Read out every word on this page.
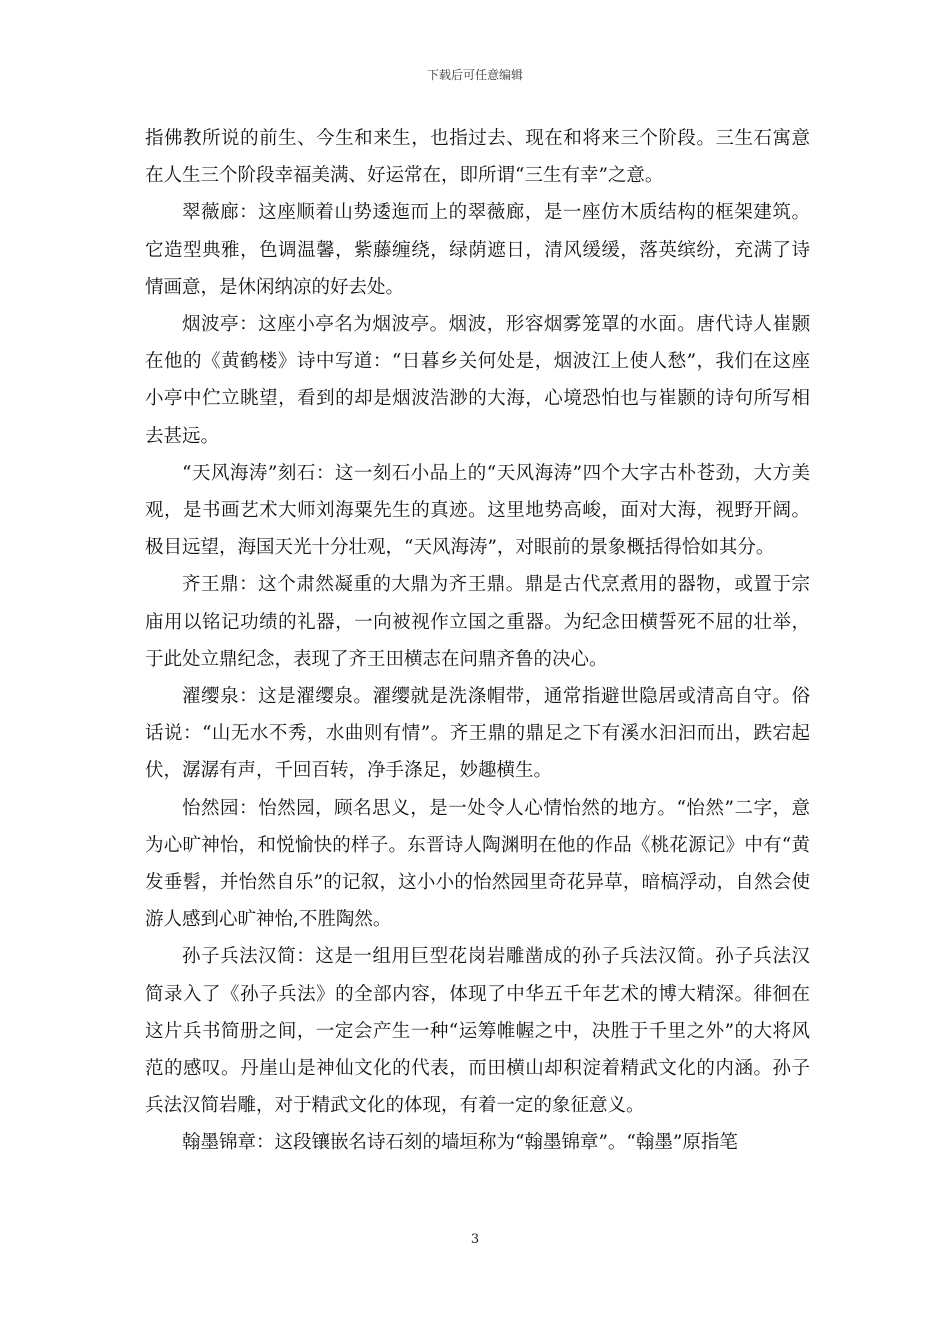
下载后可任意编辑

指佛教所说的前生、今生和来生，也指过去、现在和将来三个阶段。三生石寓意在人生三个阶段幸福美满、好运常在，即所谓“三生有幸”之意。

翠薇廊：这座顺着山势逶迤而上的翠薇廊，是一座仿木质结构的框架建筑。它造型典雅，色调温馨，紫藤缠绕，绿荫遮日，清风缓缓，落英缤纷，充满了诗情画意，是休闲纳凉的好去处。

烟波亭：这座小亭名为烟波亭。烟波，形容烟雾笼罩的水面。唐代诗人崔颢在他的《黄鹤楼》诗中写道：“日暮乡关何处是，烟波江上使人愁”，我们在这座小亭中伫立眺望，看到的却是烟波浩渺的大海，心境恐怕也与崔颢的诗句所写相去甚远。

“天风海涛”刻石：这一刻石小品上的“天风海涛”四个大字古朴苍劲，大方美观，是书画艺术大师刘海粟先生的真迹。这里地势高峻，面对大海，视野开阔。极目远望，海国天光十分壮观，“天风海涛”，对眼前的景象概括得恰如其分。

齐王鼎：这个肃然凝重的大鼎为齐王鼎。鼎是古代烹煮用的器物，或置于宗庙用以铭记功绩的礼器，一向被视作立国之重器。为纪念田横誓死不屈的壮举，于此处立鼎纪念，表现了齐王田横志在问鼎齐鲁的决心。

濯缨泉：这是濯缨泉。濯缨就是洗涤帽带，通常指避世隐居或清高自守。俗话说：“山无水不秀，水曲则有情”。齐王鼎的鼎足之下有溪水汩汩而出，跌宕起伏，潺潺有声，千回百转，净手涤足，妙趣横生。

怡然园：怡然园，顾名思义，是一处令人心情怡然的地方。“怡然”二字，意为心旷神怡，和悦愉快的样子。东晋诗人陶渊明在他的作品《桃花源记》中有“黄发垂髫，并怡然自乐”的记叙，这小小的怡然园里奇花异草，暗槁浮动，自然会使游人感到心旷神怡,不胜陶然。

孙子兵法汉简：这是一组用巨型花岗岩雕凿成的孙子兵法汉简。孙子兵法汉简录入了《孙子兵法》的全部内容，体现了中华五千年艺术的博大精深。徘徊在这片兵书简册之间，一定会产生一种“运筹帷幄之中，决胜于千里之外”的大将风范的感叹。丹崖山是神仙文化的代表，而田横山却积淀着精武文化的内涵。孙子兵法汉简岩雕，对于精武文化的体现，有着一定的象征意义。

翰墨锦章：这段镶嵌名诗石刻的墙垣称为“翰墨锦章”。“翰墨”原指笔

3
